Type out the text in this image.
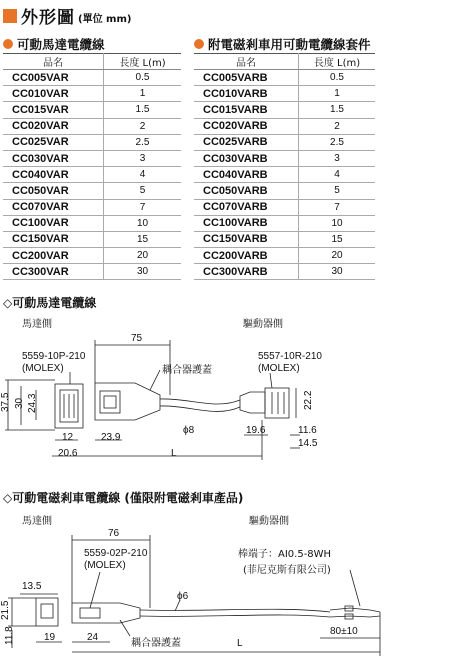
外形圖 (單位 mm)
可動馬達電纜線	附電磁剎車用可動電纜線套件
品名	長度 L(m)
CC005VAR	0.5
CC010VAR	1
CC015VAR	1.5
CC020VAR	2
CC025VAR	2.5
CC030VAR	3
CC040VAR	4
CC050VAR	5
CC070VAR	7
CC100VAR	10
CC150VAR	15
CC200VAR	20
CC300VAR	30
品名	長度 L(m)
CC005VARB	0.5
CC010VARB	1
CC015VARB	1.5
CC020VARB	2
CC025VARB	2.5
CC030VARB	3
CC040VARB	4
CC050VARB	5
CC070VARB	7
CC100VARB	10
CC150VARB	15
CC200VARB	20
CC300VARB	30
◇可動馬達電纜線
馬達側	驅動器側
5559-10P-210
(MOLEX)
5557-10R-210
(MOLEX)
耦合器護蓋
75
37.5 30 24.3
12
20.6
23.9
ϕ8
L
19.6
22.2
11.6
14.5
◇可動電磁剎車電纜線 (僅限附電磁剎車產品)
馬達側	驅動器側
76
5559-02P-210
(MOLEX)
棒端子：AI0.5-8WH
(菲尼克斯有限公司)
13.5
21.5
11.8	19	24
耦合器護蓋
ϕ6
L
80±10
